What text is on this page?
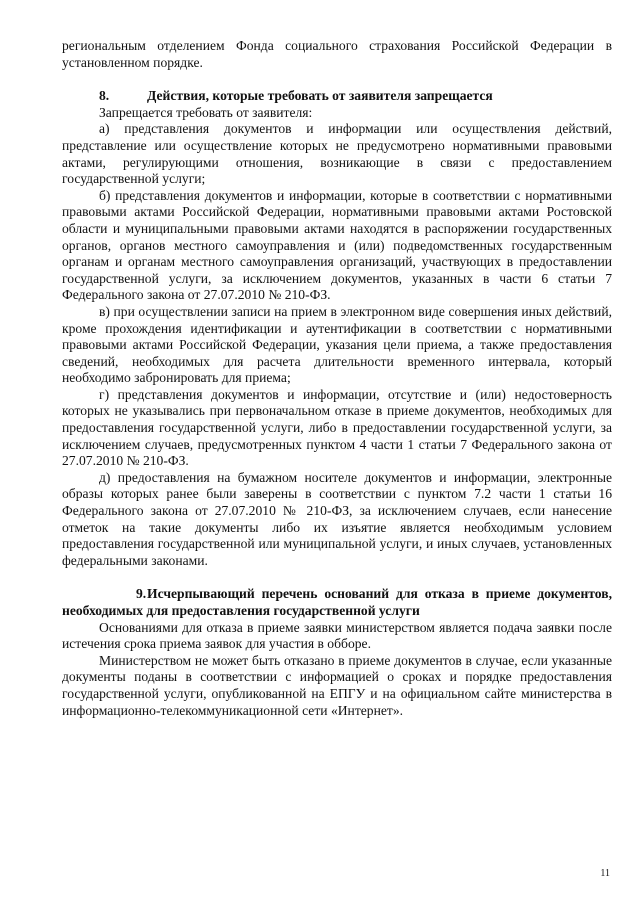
региональным отделением Фонда социального страхования Российской Федерации в установленном порядке.

8.	Действия, которые требовать от заявителя запрещается

Запрещается требовать от заявителя:

а) представления документов и информации или осуществления действий, представление или осуществление которых не предусмотрено нормативными правовыми актами, регулирующими отношения, возникающие в связи с предоставлением государственной услуги;

б) представления документов и информации, которые в соответствии с нормативными правовыми актами Российской Федерации, нормативными правовыми актами Ростовской области и муниципальными правовыми актами находятся в распоряжении государственных органов, органов местного самоуправления и (или) подведомственных государственным органам и органам местного самоуправления организаций, участвующих в предоставлении государственной услуги, за исключением документов, указанных в части 6 статьи 7 Федерального закона от 27.07.2010 № 210-ФЗ.

в) при осуществлении записи на прием в электронном виде совершения иных действий, кроме прохождения идентификации и аутентификации в соответствии с нормативными правовыми актами Российской Федерации, указания цели приема, а также предоставления сведений, необходимых для расчета длительности временного интервала, который необходимо забронировать для приема;

г) представления документов и информации, отсутствие и (или) недостоверность которых не указывались при первоначальном отказе в приеме документов, необходимых для предоставления государственной услуги, либо в предоставлении государственной услуги, за исключением случаев, предусмотренных пунктом 4 части 1 статьи 7 Федерального закона от 27.07.2010 № 210-ФЗ.

д) предоставления на бумажном носителе документов и информации, электронные образы которых ранее были заверены в соответствии с пунктом 7.2 части 1 статьи 16 Федерального закона от 27.07.2010 № 210-ФЗ, за исключением случаев, если нанесение отметок на такие документы либо их изъятие является необходимым условием предоставления государственной или муниципальной услуги, и иных случаев, установленных федеральными законами.

9.Исчерпывающий перечень оснований для отказа в приеме документов, необходимых для предоставления государственной услуги

Основаниями для отказа в приеме заявки министерством является подача заявки после истечения срока приема заявок для участия в обборе.

Министерством не может быть отказано в приеме документов в случае, если указанные документы поданы в соответствии с информацией о сроках и порядке предоставления государственной услуги, опубликованной на ЕПГУ и на официальном сайте министерства в информационно-телекоммуникационной сети «Интернет».

11
